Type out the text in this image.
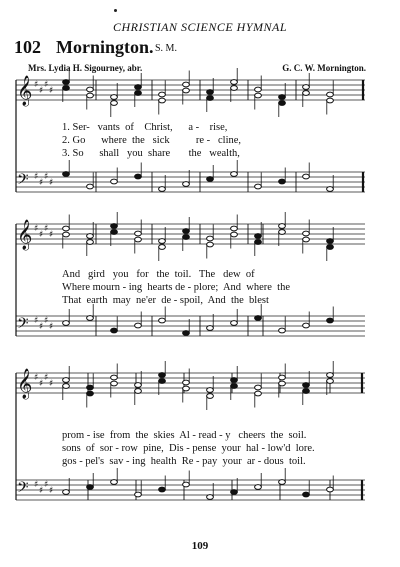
CHRISTIAN SCIENCE HYMNAL
102 Mornington. S. M.
Mrs. Lydia H. Sigourney, abr.	G. C. W. Mornington.
𝄞 ♯
♯
♯
♯
𝄢 ♯
♯
♯
♯
𝄞 ♯
♯
♯
♯
𝄢 ♯
♯
♯
♯
𝄞 ♯
♯
♯
♯
𝄢 ♯
♯
♯
♯
1. Ser-   vants  of    Christ,      a -    rise,
2. Go      where  the   sick          re -   cline,
3. So      shall   you  share       the   wealth,
And   gird   you   for   the  toil.   The   dew  of
Where mourn - ing  hearts de - plore;  And  where  the
That  earth  may  ne'er  de - spoil,  And  the  blest
prom - ise  from  the  skies  Al - read - y   cheers  the  soil.
sons  of  sor - row  pine,  Dis - pense  your  hal - low'd  lore.
gos - pel's  sav - ing  health  Re - pay  your  ar - dous  toil.
109
